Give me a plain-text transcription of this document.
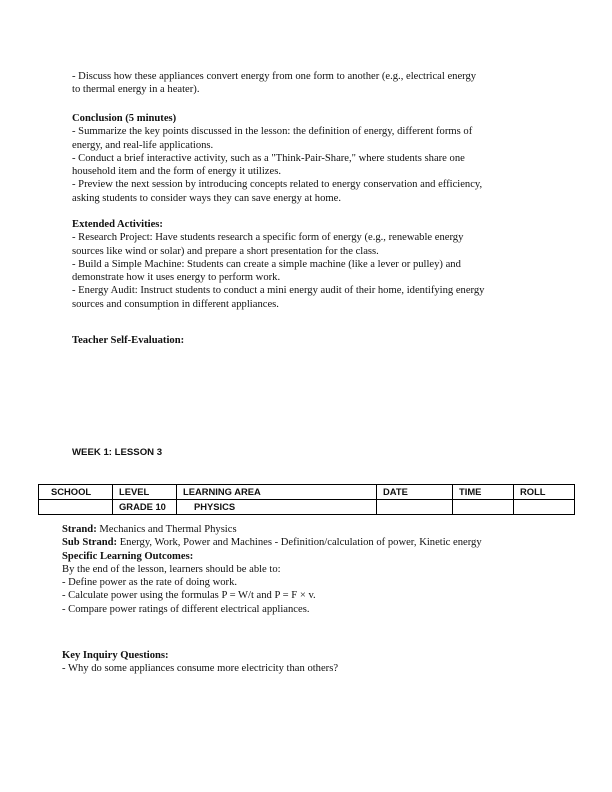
- Discuss how these appliances convert energy from one form to another (e.g., electrical energy
to thermal energy in a heater).
Conclusion (5 minutes)
- Summarize the key points discussed in the lesson: the definition of energy, different forms of
energy, and real-life applications.
- Conduct a brief interactive activity, such as a "Think-Pair-Share," where students share one
household item and the form of energy it utilizes.
- Preview the next session by introducing concepts related to energy conservation and efficiency,
asking students to consider ways they can save energy at home.
Extended Activities:
- Research Project: Have students research a specific form of energy (e.g., renewable energy
sources like wind or solar) and prepare a short presentation for the class.
- Build a Simple Machine: Students can create a simple machine (like a lever or pulley) and
demonstrate how it uses energy to perform work.
- Energy Audit: Instruct students to conduct a mini energy audit of their home, identifying energy
sources and consumption in different appliances.
Teacher Self-Evaluation:
WEEK 1: LESSON 3
SCHOOL	LEVEL	LEARNING AREA	DATE	TIME	ROLL
	GRADE 10	PHYSICS			
Strand: Mechanics and Thermal Physics
Sub Strand: Energy, Work, Power and Machines - Definition/calculation of power, Kinetic energy
Specific Learning Outcomes:
By the end of the lesson, learners should be able to:
- Define power as the rate of doing work.
- Calculate power using the formulas P = W/t and P = F × v.
- Compare power ratings of different electrical appliances.
Key Inquiry Questions:
- Why do some appliances consume more electricity than others?
